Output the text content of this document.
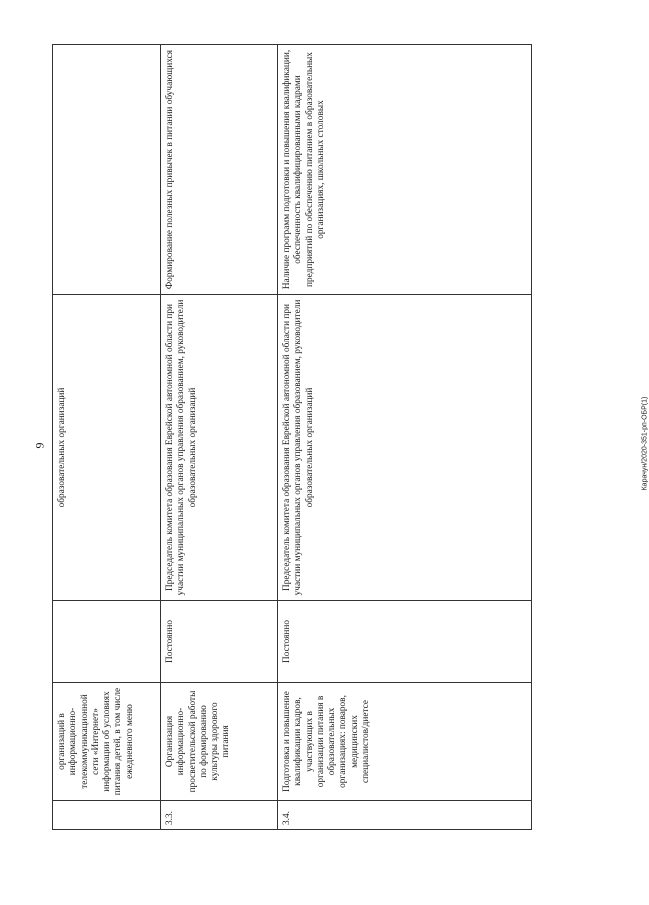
9
	организаций в информационно-телекоммуникационной сети «Интернет» информации об условиях питания детей, в том числе ежедневного меню		образовательных организаций	
3.3.	Организация информационно-просветительской работы по формированию культуры здорового питания	Постоянно	Председатель комитета образования Еврейской автономной области при участии муниципальных органов управления образованием, руководители образовательных организаций	Формирование полезных привычек в питании обучающихся
3.4.	Подготовка и повышение квалификации кадров, участвующих в организации питания в образовательных организациях: поваров, медицинских специалистов/диетсе	Постоянно	Председатель комитета образования Еврейской автономной области при участии муниципальных органов управления образованием, руководители образовательных организаций	Наличие программ подготовки и повышения квалификации, обеспеченность квалифицированными кадрами предприятий по обеспечению питанием в образовательных организациях, школьных столовых
Карачун/2020-351-рп-ОБР(1)
